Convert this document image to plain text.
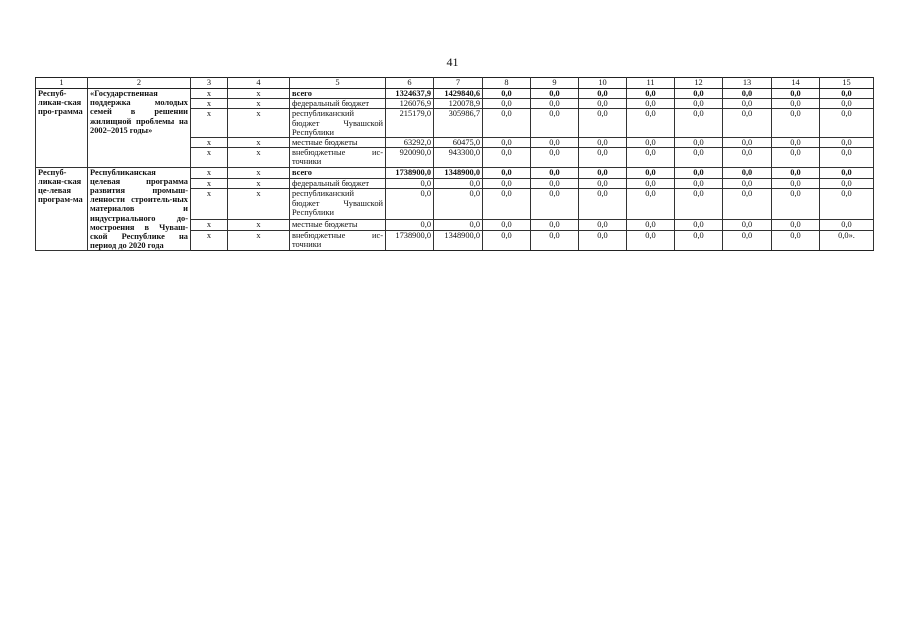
41
1	2	3	4	5	6	7	8	9	10	11	12	13	14	15
Респуб-ликан-ская про-грамма	«Государственная поддержка молодых семей в решении жилищной проблемы на 2002–2015 годы»	х	х	всего	1324637,9	1429840,6	0,0	0,0	0,0	0,0	0,0	0,0	0,0	0,0
		х	х	федеральный бюджет	126076,9	120078,9	0,0	0,0	0,0	0,0	0,0	0,0	0,0	0,0
		х	х	республиканский бюджет Чувашской Республики	215179,0	305986,7	0,0	0,0	0,0	0,0	0,0	0,0	0,0	0,0
		х	х	местные бюджеты	63292,0	60475,0	0,0	0,0	0,0	0,0	0,0	0,0	0,0	0,0
		х	х	внебюджетные ис-точники	920090,0	943300,0	0,0	0,0	0,0	0,0	0,0	0,0	0,0	0,0
Респуб-ликан-ская це-левая програм-ма	Республиканская целевая программа развития промыш-ленности строитель-ных материалов и индустриального до-мостроения в Чуваш-ской Республике на период до 2020 года	х	х	всего	1738900,0	1348900,0	0,0	0,0	0,0	0,0	0,0	0,0	0,0	0,0
		х	х	федеральный бюджет	0,0	0,0	0,0	0,0	0,0	0,0	0,0	0,0	0,0	0,0
		х	х	республиканский бюджет Чувашской Республики	0,0	0,0	0,0	0,0	0,0	0,0	0,0	0,0	0,0	0,0
		х	х	местные бюджеты	0,0	0,0	0,0	0,0	0,0	0,0	0,0	0,0	0,0	0,0
		х	х	внебюджетные ис-точники	1738900,0	1348900,0	0,0	0,0	0,0	0,0	0,0	0,0	0,0	0,0».
